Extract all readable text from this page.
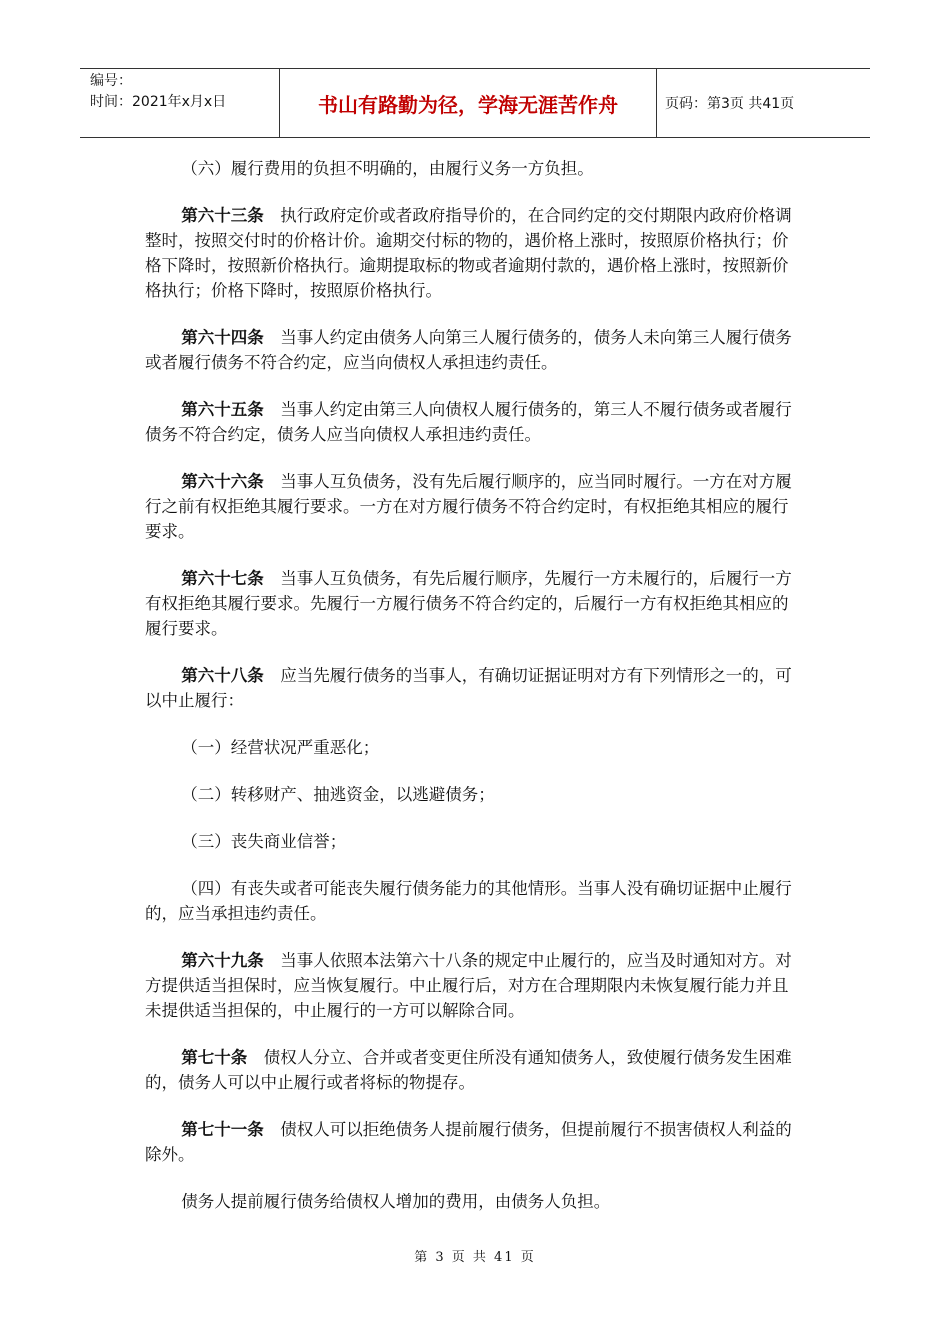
编号：
时间：2021年x月x日	书山有路勤为径，学海无涯苦作舟	页码：第3页 共41页

（六）履行费用的负担不明确的，由履行义务一方负担。

第六十三条 执行政府定价或者政府指导价的，在合同约定的交付期限内政府价格调整时，按照交付时的价格计价。逾期交付标的物的，遇价格上涨时，按照原价格执行；价格下降时，按照新价格执行。逾期提取标的物或者逾期付款的，遇价格上涨时，按照新价格执行；价格下降时，按照原价格执行。

第六十四条 当事人约定由债务人向第三人履行债务的，债务人未向第三人履行债务或者履行债务不符合约定，应当向债权人承担违约责任。

第六十五条 当事人约定由第三人向债权人履行债务的，第三人不履行债务或者履行债务不符合约定，债务人应当向债权人承担违约责任。

第六十六条 当事人互负债务，没有先后履行顺序的，应当同时履行。一方在对方履行之前有权拒绝其履行要求。一方在对方履行债务不符合约定时，有权拒绝其相应的履行要求。

第六十七条 当事人互负债务，有先后履行顺序，先履行一方未履行的，后履行一方有权拒绝其履行要求。先履行一方履行债务不符合约定的，后履行一方有权拒绝其相应的履行要求。

第六十八条 应当先履行债务的当事人，有确切证据证明对方有下列情形之一的，可以中止履行：

（一）经营状况严重恶化；

（二）转移财产、抽逃资金，以逃避债务；

（三）丧失商业信誉；

（四）有丧失或者可能丧失履行债务能力的其他情形。当事人没有确切证据中止履行的，应当承担违约责任。

第六十九条 当事人依照本法第六十八条的规定中止履行的，应当及时通知对方。对方提供适当担保时，应当恢复履行。中止履行后，对方在合理期限内未恢复履行能力并且未提供适当担保的，中止履行的一方可以解除合同。

第七十条 债权人分立、合并或者变更住所没有通知债务人，致使履行债务发生困难的，债务人可以中止履行或者将标的物提存。

第七十一条 债权人可以拒绝债务人提前履行债务，但提前履行不损害债权人利益的除外。

债务人提前履行债务给债权人增加的费用，由债务人负担。

第 3 页 共 41 页
